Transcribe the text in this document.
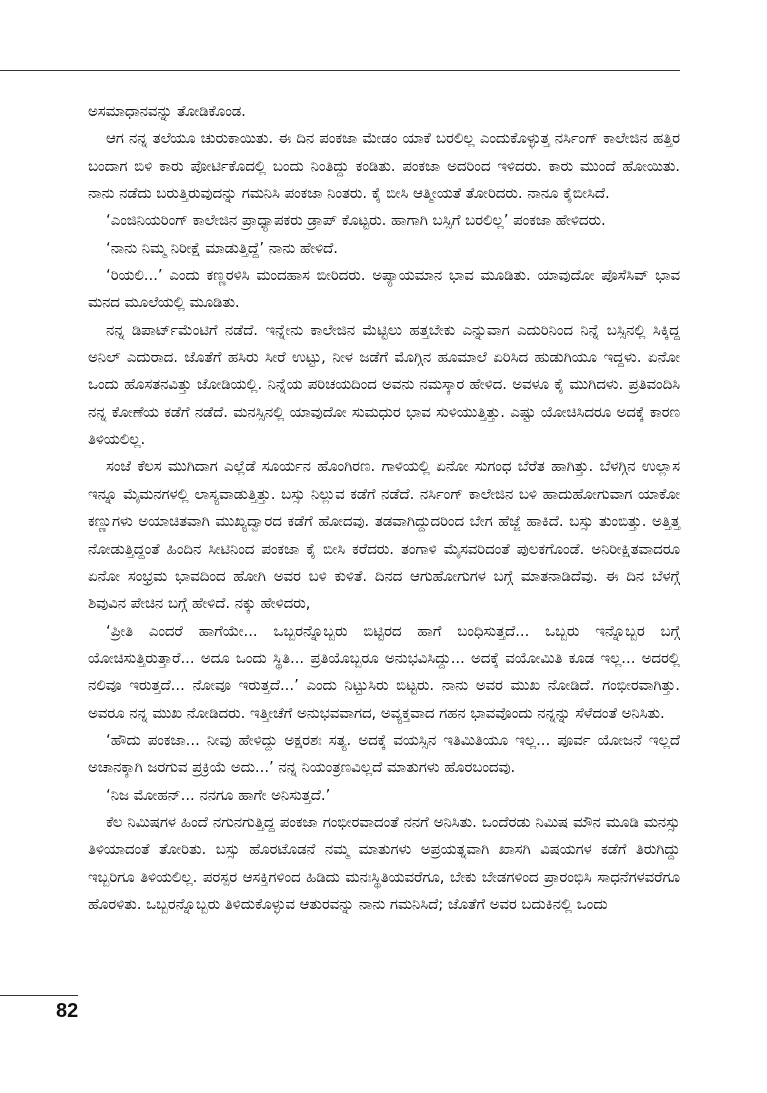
ಅಸಮಾಧಾನವನ್ನು ತೋಡಿಕೊಂಡ.

ಆಗ ನನ್ನ ತಲೆಯೂ ಚುರುಕಾಯಿತು. ಈ ದಿನ ಪಂಕಜಾ ಮೇಡಂ ಯಾಕೆ ಬರಲಿಲ್ಲ ಎಂದುಕೊಳ್ಳುತ್ತ ನರ್ಸಿಂಗ್ ಕಾಲೇಜಿನ ಹತ್ತಿರ ಬಂದಾಗ ಬಿಳಿ ಕಾರು ಪೋರ್ಟಿಕೊದಲ್ಲಿ ಬಂದು ನಿಂತಿದ್ದು ಕಂಡಿತು. ಪಂಕಜಾ ಅದರಿಂದ ಇಳಿದರು. ಕಾರು ಮುಂದೆ ಹೋಯಿತು. ನಾನು ನಡೆದು ಬರುತ್ತಿರುವುದನ್ನು ಗಮನಿಸಿ ಪಂಕಜಾ ನಿಂತರು. ಕೈ ಬೀಸಿ ಆತ್ಮೀಯತೆ ತೋರಿದರು. ನಾನೂ ಕೈಬೀಸಿದೆ.

‘ಎಂಜಿನಿಯರಿಂಗ್ ಕಾಲೇಜಿನ ಪ್ರಾಧ್ಯಾಪಕರು ಡ್ರಾಪ್ ಕೊಟ್ಟರು. ಹಾಗಾಗಿ ಬಸ್ಸಿಗೆ ಬರಲಿಲ್ಲ’ ಪಂಕಜಾ ಹೇಳಿದರು.

‘ನಾನು ನಿಮ್ಮ ನಿರೀಕ್ಷೆ ಮಾಡುತ್ತಿದ್ದೆ’ ನಾನು ಹೇಳಿದೆ.

‘ರಿಯಲಿ...’ ಎಂದು ಕಣ್ಣರಳಿಸಿ ಮಂದಹಾಸ ಬೀರಿದರು. ಅಪ್ಯಾಯಮಾನ ಭಾವ ಮೂಡಿತು. ಯಾವುದೋ ಪೊಸೆಸಿವ್ ಭಾವ ಮನದ ಮೂಲೆಯಲ್ಲಿ ಮೂಡಿತು.

ನನ್ನ ಡಿಪಾರ್ಟ್‌ಮೆಂಟಿಗೆ ನಡೆದೆ. ಇನ್ನೇನು ಕಾಲೇಜಿನ ಮೆಟ್ಟಿಲು ಹತ್ತಬೇಕು ಎನ್ನುವಾಗ ಎದುರಿನಿಂದ ನಿನ್ನೆ ಬಸ್ಸಿನಲ್ಲಿ ಸಿಕ್ಕಿದ್ದ ಅನಿಲ್ ಎದುರಾದ. ಜೊತೆಗೆ ಹಸಿರು ಸೀರೆ ಉಟ್ಟು, ನೀಳ ಜಡೆಗೆ ಮೊಗ್ಗಿನ ಹೂಮಾಲೆ ಏರಿಸಿದ ಹುಡುಗಿಯೂ ಇದ್ದಳು. ಏನೋ ಒಂದು ಹೊಸತನವಿತ್ತು ಜೋಡಿಯಲ್ಲಿ. ನಿನ್ನೆಯ ಪರಿಚಯದಿಂದ ಅವನು ನಮಸ್ಕಾರ ಹೇಳಿದ. ಅವಳೂ ಕೈ ಮುಗಿದಳು. ಪ್ರತಿವಂದಿಸಿ ನನ್ನ ಕೋಣೆಯ ಕಡೆಗೆ ನಡೆದೆ. ಮನಸ್ಸಿನಲ್ಲಿ ಯಾವುದೋ ಸುಮಧುರ ಭಾವ ಸುಳಿಯುತ್ತಿತ್ತು. ಎಷ್ಟು ಯೋಚಿಸಿದರೂ ಅದಕ್ಕೆ ಕಾರಣ ತಿಳಿಯಲಿಲ್ಲ.

ಸಂಜೆ ಕೆಲಸ ಮುಗಿದಾಗ ಎಲ್ಲೆಡೆ ಸೂರ್ಯನ ಹೊಂಗಿರಣ. ಗಾಳಿಯಲ್ಲಿ ಏನೋ ಸುಗಂಧ ಬೆರೆತ ಹಾಗಿತ್ತು. ಬೆಳಗ್ಗಿನ ಉಲ್ಲಾಸ ಇನ್ನೂ ಮೈಮನಗಳಲ್ಲಿ ಲಾಸ್ಯವಾಡುತ್ತಿತ್ತು. ಬಸ್ಸು ನಿಲ್ಲುವ ಕಡೆಗೆ ನಡೆದೆ. ನರ್ಸಿಂಗ್ ಕಾಲೇಜಿನ ಬಳಿ ಹಾದುಹೋಗುವಾಗ ಯಾಕೋ ಕಣ್ಣುಗಳು ಅಯಾಚಿತವಾಗಿ ಮುಖ್ಯದ್ವಾರದ ಕಡೆಗೆ ಹೋದವು. ತಡವಾಗಿದ್ದುದರಿಂದ ಬೇಗ ಹೆಜ್ಜೆ ಹಾಕಿದೆ. ಬಸ್ಸು ತುಂಬಿತ್ತು. ಅತ್ತಿತ್ತ ನೋಡುತ್ತಿದ್ದಂತೆ ಹಿಂದಿನ ಸೀಟಿನಿಂದ ಪಂಕಜಾ ಕೈ ಬೀಸಿ ಕರೆದರು. ತಂಗಾಳಿ ಮೈಸವರಿದಂತೆ ಪುಲಕಗೊಂಡೆ. ಅನಿರೀಕ್ಷಿತವಾದರೂ ಏನೋ ಸಂಭ್ರಮ ಭಾವದಿಂದ ಹೋಗಿ ಅವರ ಬಳಿ ಕುಳಿತೆ. ದಿನದ ಆಗುಹೋಗುಗಳ ಬಗ್ಗೆ ಮಾತನಾಡಿದೆವು. ಈ ದಿನ ಬೆಳಗ್ಗೆ ಶಿವುವಿನ ಪೇಚಿನ ಬಗ್ಗೆ ಹೇಳಿದೆ. ನಕ್ಕು ಹೇಳಿದರು,

‘ಪ್ರೀತಿ ಎಂದರೆ ಹಾಗೆಯೇ... ಒಬ್ಬರನ್ನೊಬ್ಬರು ಬಿಟ್ಟಿರದ ಹಾಗೆ ಬಂಧಿಸುತ್ತದೆ... ಒಬ್ಬರು ಇನ್ನೊಬ್ಬರ ಬಗ್ಗೆ ಯೋಚಿಸುತ್ತಿರುತ್ತಾರೆ... ಅದೂ ಒಂದು ಸ್ಥಿತಿ... ಪ್ರತಿಯೊಬ್ಬರೂ ಅನುಭವಿಸಿದ್ದು... ಅದಕ್ಕೆ ವಯೋಮಿತಿ ಕೂಡ ಇಲ್ಲ... ಅದರಲ್ಲಿ ನಲಿವೂ ಇರುತ್ತದೆ... ನೋವೂ ಇರುತ್ತದೆ...’ ಎಂದು ನಿಟ್ಟುಸಿರು ಬಿಟ್ಟರು. ನಾನು ಅವರ ಮುಖ ನೋಡಿದೆ. ಗಂಭೀರವಾಗಿತ್ತು. ಅವರೂ ನನ್ನ ಮುಖ ನೋಡಿದರು. ಇತ್ತೀಚೆಗೆ ಅನುಭವವಾಗದ, ಅವ್ಯಕ್ತವಾದ ಗಹನ ಭಾವವೊಂದು ನನ್ನನ್ನು ಸೆಳೆದಂತೆ ಅನಿಸಿತು.

‘ಹೌದು ಪಂಕಜಾ... ನೀವು ಹೇಳಿದ್ದು ಅಕ್ಷರಶಃ ಸತ್ಯ. ಅದಕ್ಕೆ ವಯಸ್ಸಿನ ಇತಿಮಿತಿಯೂ ಇಲ್ಲ... ಪೂರ್ವ ಯೋಜನೆ ಇಲ್ಲದೆ ಅಚಾನಕ್ಕಾಗಿ ಜರಗುವ ಪ್ರಕ್ರಿಯೆ ಅದು...’ ನನ್ನ ನಿಯಂತ್ರಣವಿಲ್ಲದೆ ಮಾತುಗಳು ಹೊರಬಂದವು.

‘ನಿಜ ಮೋಹನ್... ನನಗೂ ಹಾಗೇ ಅನಿಸುತ್ತದೆ.’

ಕೆಲ ನಿಮಿಷಗಳ ಹಿಂದೆ ನಗುನಗುತ್ತಿದ್ದ ಪಂಕಜಾ ಗಂಭೀರವಾದಂತೆ ನನಗೆ ಅನಿಸಿತು. ಒಂದೆರಡು ನಿಮಿಷ ಮೌನ ಮೂಡಿ ಮನಸ್ಸು ತಿಳಿಯಾದಂತೆ ತೋರಿತು. ಬಸ್ಸು ಹೊರಟೊಡನೆ ನಮ್ಮ ಮಾತುಗಳು ಅಪ್ರಯತ್ನವಾಗಿ ಖಾಸಗಿ ವಿಷಯಗಳ ಕಡೆಗೆ ತಿರುಗಿದ್ದು ಇಬ್ಬರಿಗೂ ತಿಳಿಯಲಿಲ್ಲ. ಪರಸ್ಪರ ಆಸಕ್ತಿಗಳಿಂದ ಹಿಡಿದು ಮನಃಸ್ಥಿತಿಯವರೆಗೂ, ಬೇಕು ಬೇಡಗಳಿಂದ ಪ್ರಾರಂಭಿಸಿ ಸಾಧನೆಗಳವರೆಗೂ ಹೊರಳಿತು. ಒಬ್ಬರನ್ನೊಬ್ಬರು ತಿಳಿದುಕೊಳ್ಳುವ ಆತುರವನ್ನು ನಾನು ಗಮನಿಸಿದೆ; ಜೊತೆಗೆ ಅವರ ಬದುಕಿನಲ್ಲಿ ಒಂದು

82
